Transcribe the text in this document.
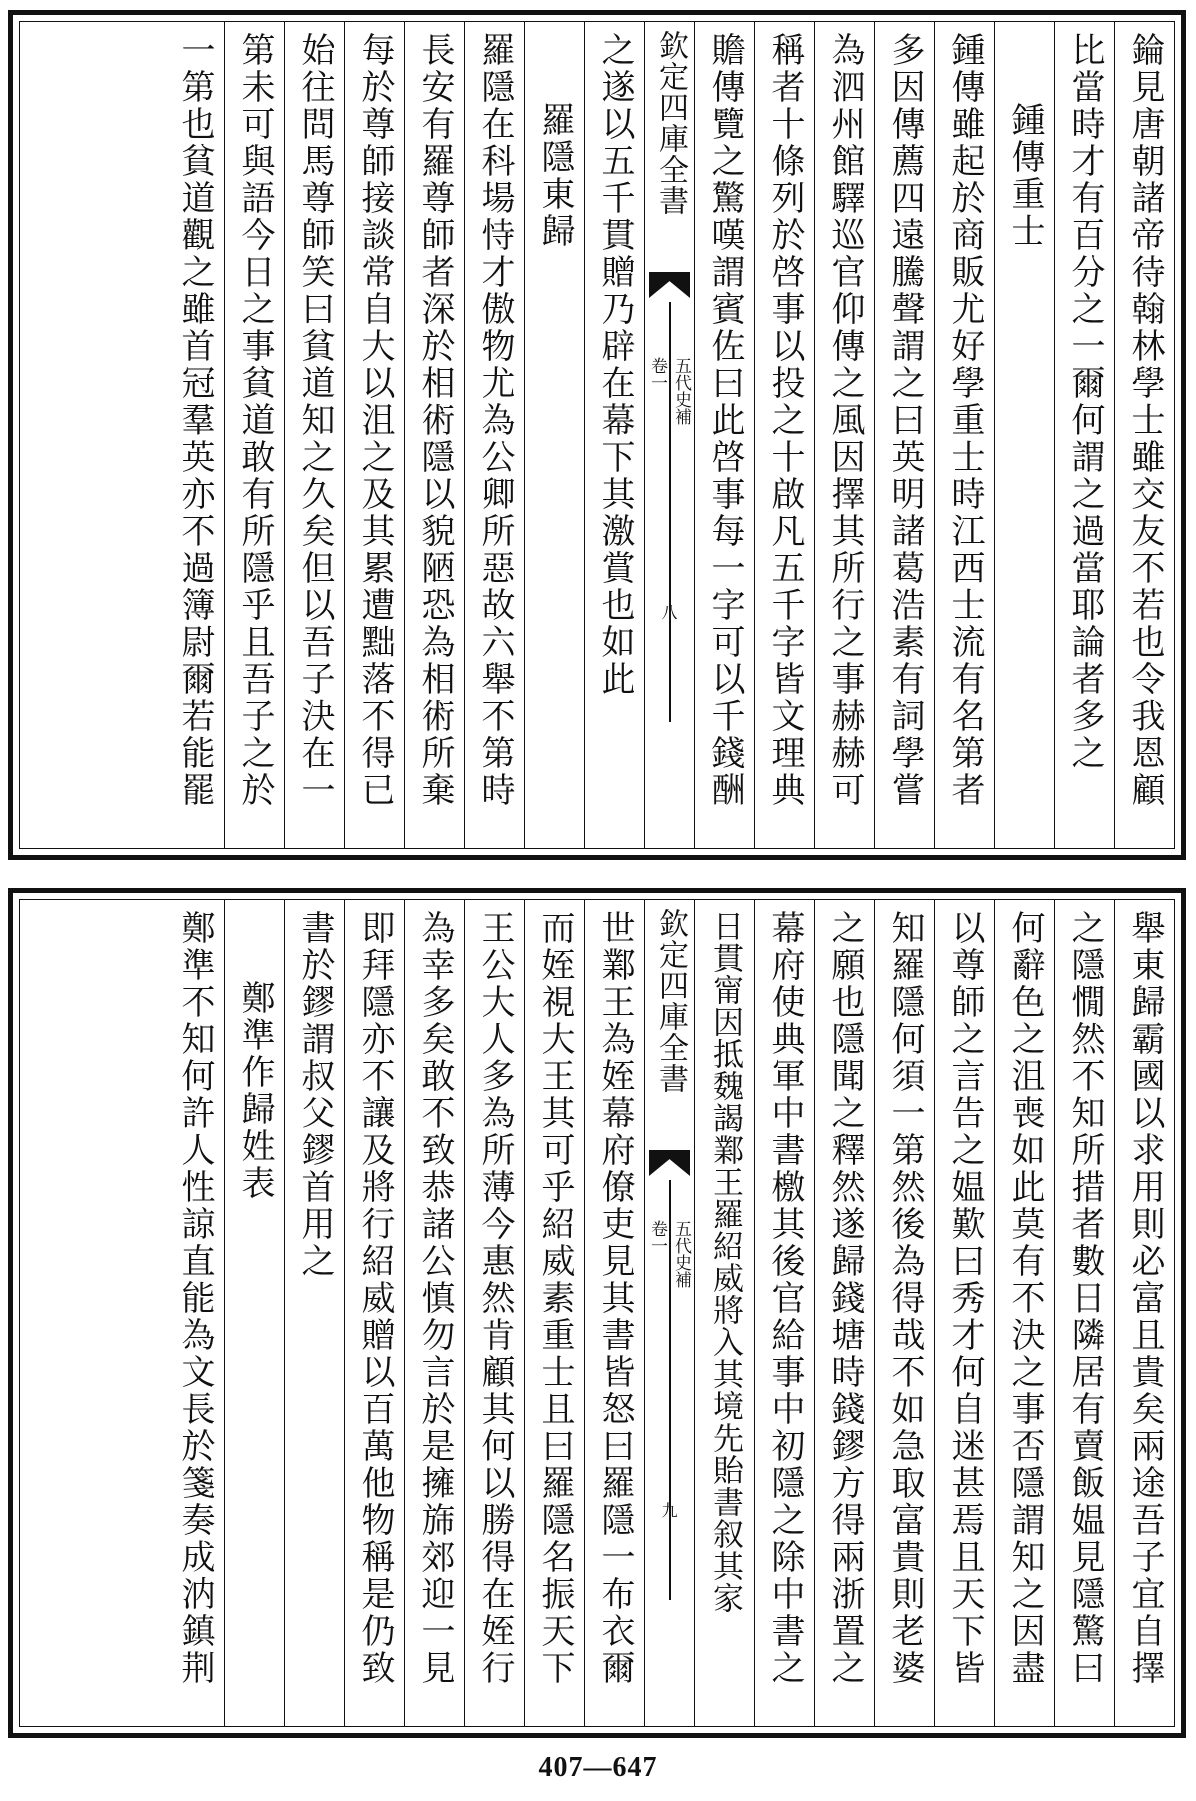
錀見唐朝諸帝待翰林學士雖交友不若也令我恩顧
比當時才有百分之一爾何謂之過當耶論者多之
鍾傳重士
鍾傳雖起於商販尤好學重士時江西士流有名第者
多因傳薦四遠騰聲謂之曰英明諸葛浩素有詞學嘗
為泗州館驛巡官仰傳之風因擇其所行之事赫赫可
稱者十條列於啓事以投之十啟凡五千字皆文理典
贍傳覽之驚嘆謂賓佐曰此啓事每一字可以千錢酬
欽定四庫全書
五代史補
卷一
八
之遂以五千貫贈乃辟在幕下其激賞也如此
羅隱東歸
羅隱在科場恃才傲物尤為公卿所惡故六舉不第時
長安有羅尊師者深於相術隱以貌陋恐為相術所棄
每於尊師接談常自大以沮之及其累遭黜落不得已
始往問馬尊師笑曰貧道知之久矣但以吾子決在一
第未可與語今日之事貧道敢有所隱乎且吾子之於
一第也貧道觀之雖首冠羣英亦不過簿尉爾若能罷
舉東歸霸國以求用則必富且貴矣兩途吾子宜自擇
之隱憪然不知所措者數日隣居有賣飯媪見隱驚曰
何辭色之沮喪如此莫有不決之事否隱謂知之因盡
以尊師之言告之媪歎曰秀才何自迷甚焉且天下皆
知羅隱何須一第然後為得哉不如急取富貴則老婆
之願也隱聞之釋然遂歸錢塘時錢鏐方得兩浙置之
幕府使典軍中書檄其後官給事中初隱之除中書之
日貫甯因抵魏謁鄴王羅紹威將入其境先貽書叙其家
欽定四庫全書
五代史補
卷一
九
世鄴王為姪幕府僚吏見其書皆怒曰羅隱一布衣爾
而姪視大王其可乎紹威素重士且曰羅隱名振天下
王公大人多為所薄今惠然肯顧其何以勝得在姪行
為幸多矣敢不致恭諸公慎勿言於是擁旆郊迎一見
即拜隱亦不讓及將行紹威贈以百萬他物稱是仍致
書於鏐謂叔父鏐首用之
鄭準作歸姓表
鄭準不知何許人性諒直能為文長於箋奏成汭鎮荆
407—647
